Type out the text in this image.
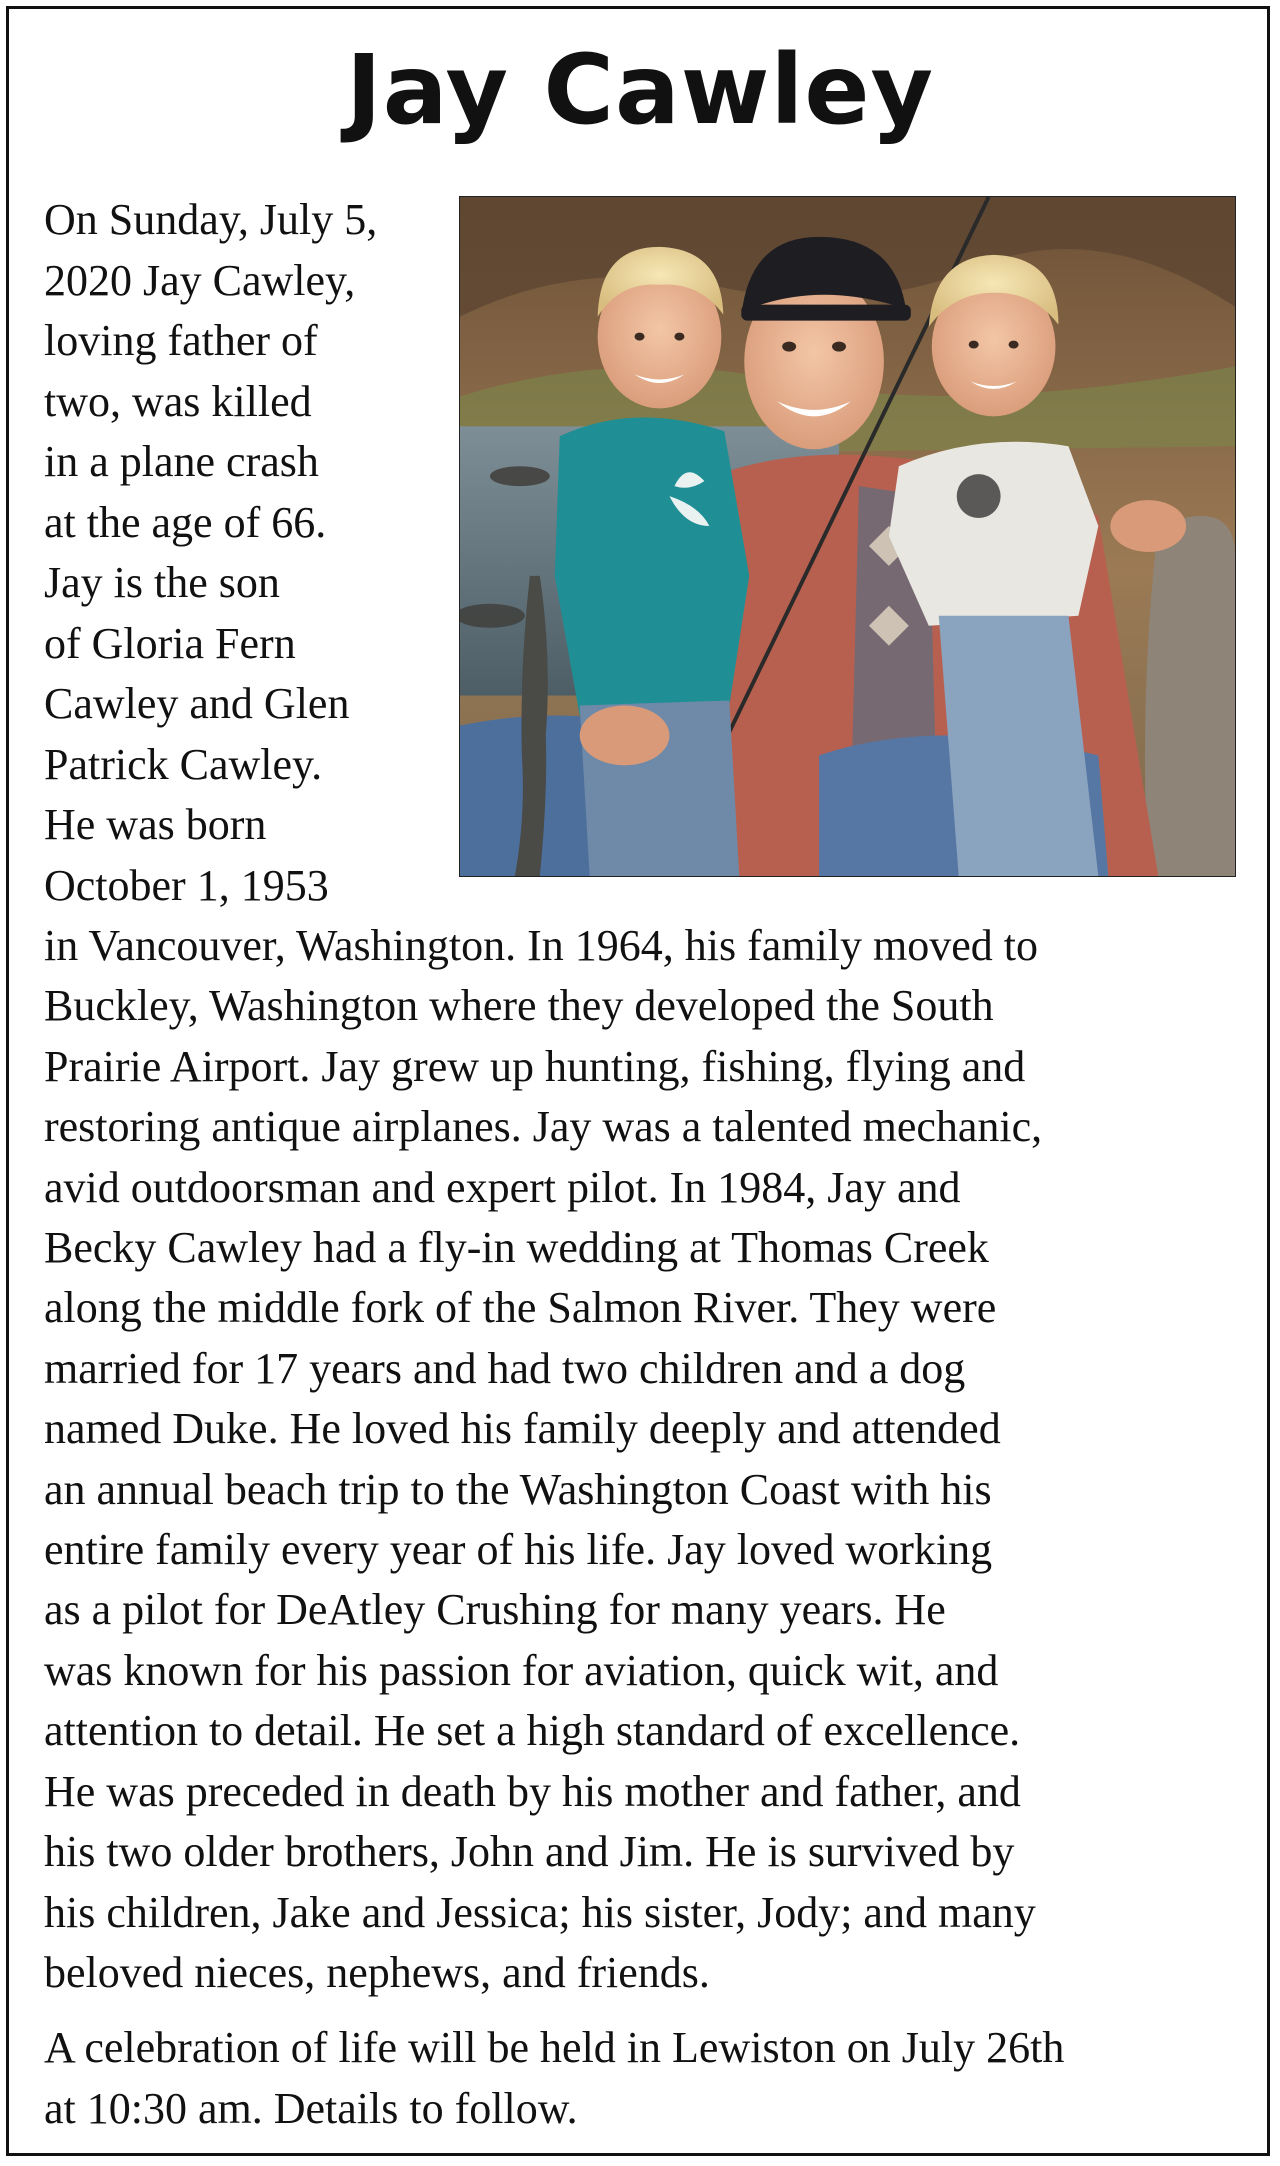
Jay Cawley

On Sunday, July 5,
2020 Jay Cawley,
loving father of
two, was killed
in a plane crash
at the age of 66.
Jay is the son
of Gloria Fern
Cawley and Glen
Patrick Cawley.
He was born
October 1, 1953

in Vancouver, Washington. In 1964, his family moved to
Buckley, Washington where they developed the South
Prairie Airport. Jay grew up hunting, fishing, flying and
restoring antique airplanes. Jay was a talented mechanic,
avid outdoorsman and expert pilot. In 1984, Jay and
Becky Cawley had a fly-in wedding at Thomas Creek
along the middle fork of the Salmon River. They were
married for 17 years and had two children and a dog
named Duke. He loved his family deeply and attended
an annual beach trip to the Washington Coast with his
entire family every year of his life. Jay loved working
as a pilot for DeAtley Crushing for many years. He
was known for his passion for aviation, quick wit, and
attention to detail. He set a high standard of excellence.
He was preceded in death by his mother and father, and
his two older brothers, John and Jim. He is survived by
his children, Jake and Jessica; his sister, Jody; and many
beloved nieces, nephews, and friends.

A celebration of life will be held in Lewiston on July 26th
at 10:30 am. Details to follow.
